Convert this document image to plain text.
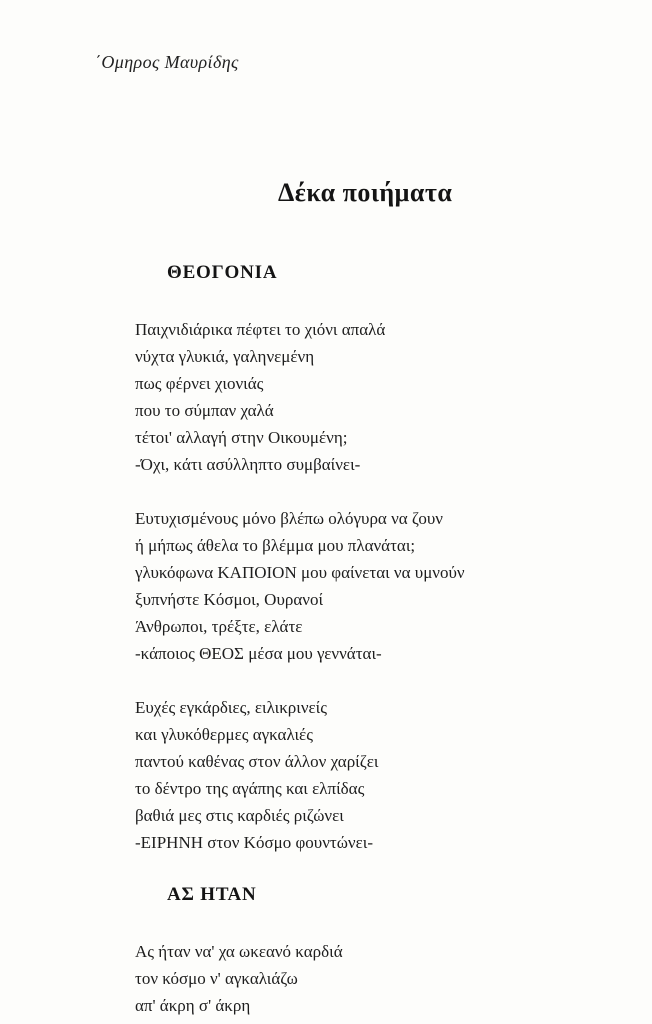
΄Ομηρος Μαυρίδης
Δέκα ποιήματα
ΘΕΟΓΟΝΙΑ
Παιχνιδιάρικα πέφτει το χιόνι απαλά
νύχτα γλυκιά, γαληνεμένη
πως φέρνει χιονιάς
που το σύμπαν χαλά
τέτοι' αλλαγή στην Οικουμένη;
-Όχι, κάτι ασύλληπτο συμβαίνει-
Ευτυχισμένους μόνο βλέπω ολόγυρα να ζουν
ή μήπως άθελα το βλέμμα μου πλανάται;
γλυκόφωνα ΚΑΠΟΙΟΝ μου φαίνεται να υμνούν
ξυπνήστε Κόσμοι, Ουρανοί
Άνθρωποι, τρέξτε, ελάτε
-κάποιος ΘΕΟΣ μέσα μου γεννάται-
Ευχές εγκάρδιες, ειλικρινείς
και γλυκόθερμες αγκαλιές
παντού καθένας στον άλλον χαρίζει
το δέντρο της αγάπης και ελπίδας
βαθιά μες στις καρδιές ριζώνει
-ΕΙΡΗΝΗ στον Κόσμο φουντώνει-
ΑΣ ΗΤΑΝ
Ας ήταν να' χα ωκεανό καρδιά
τον κόσμο ν' αγκαλιάζω
απ' άκρη σ' άκρη
